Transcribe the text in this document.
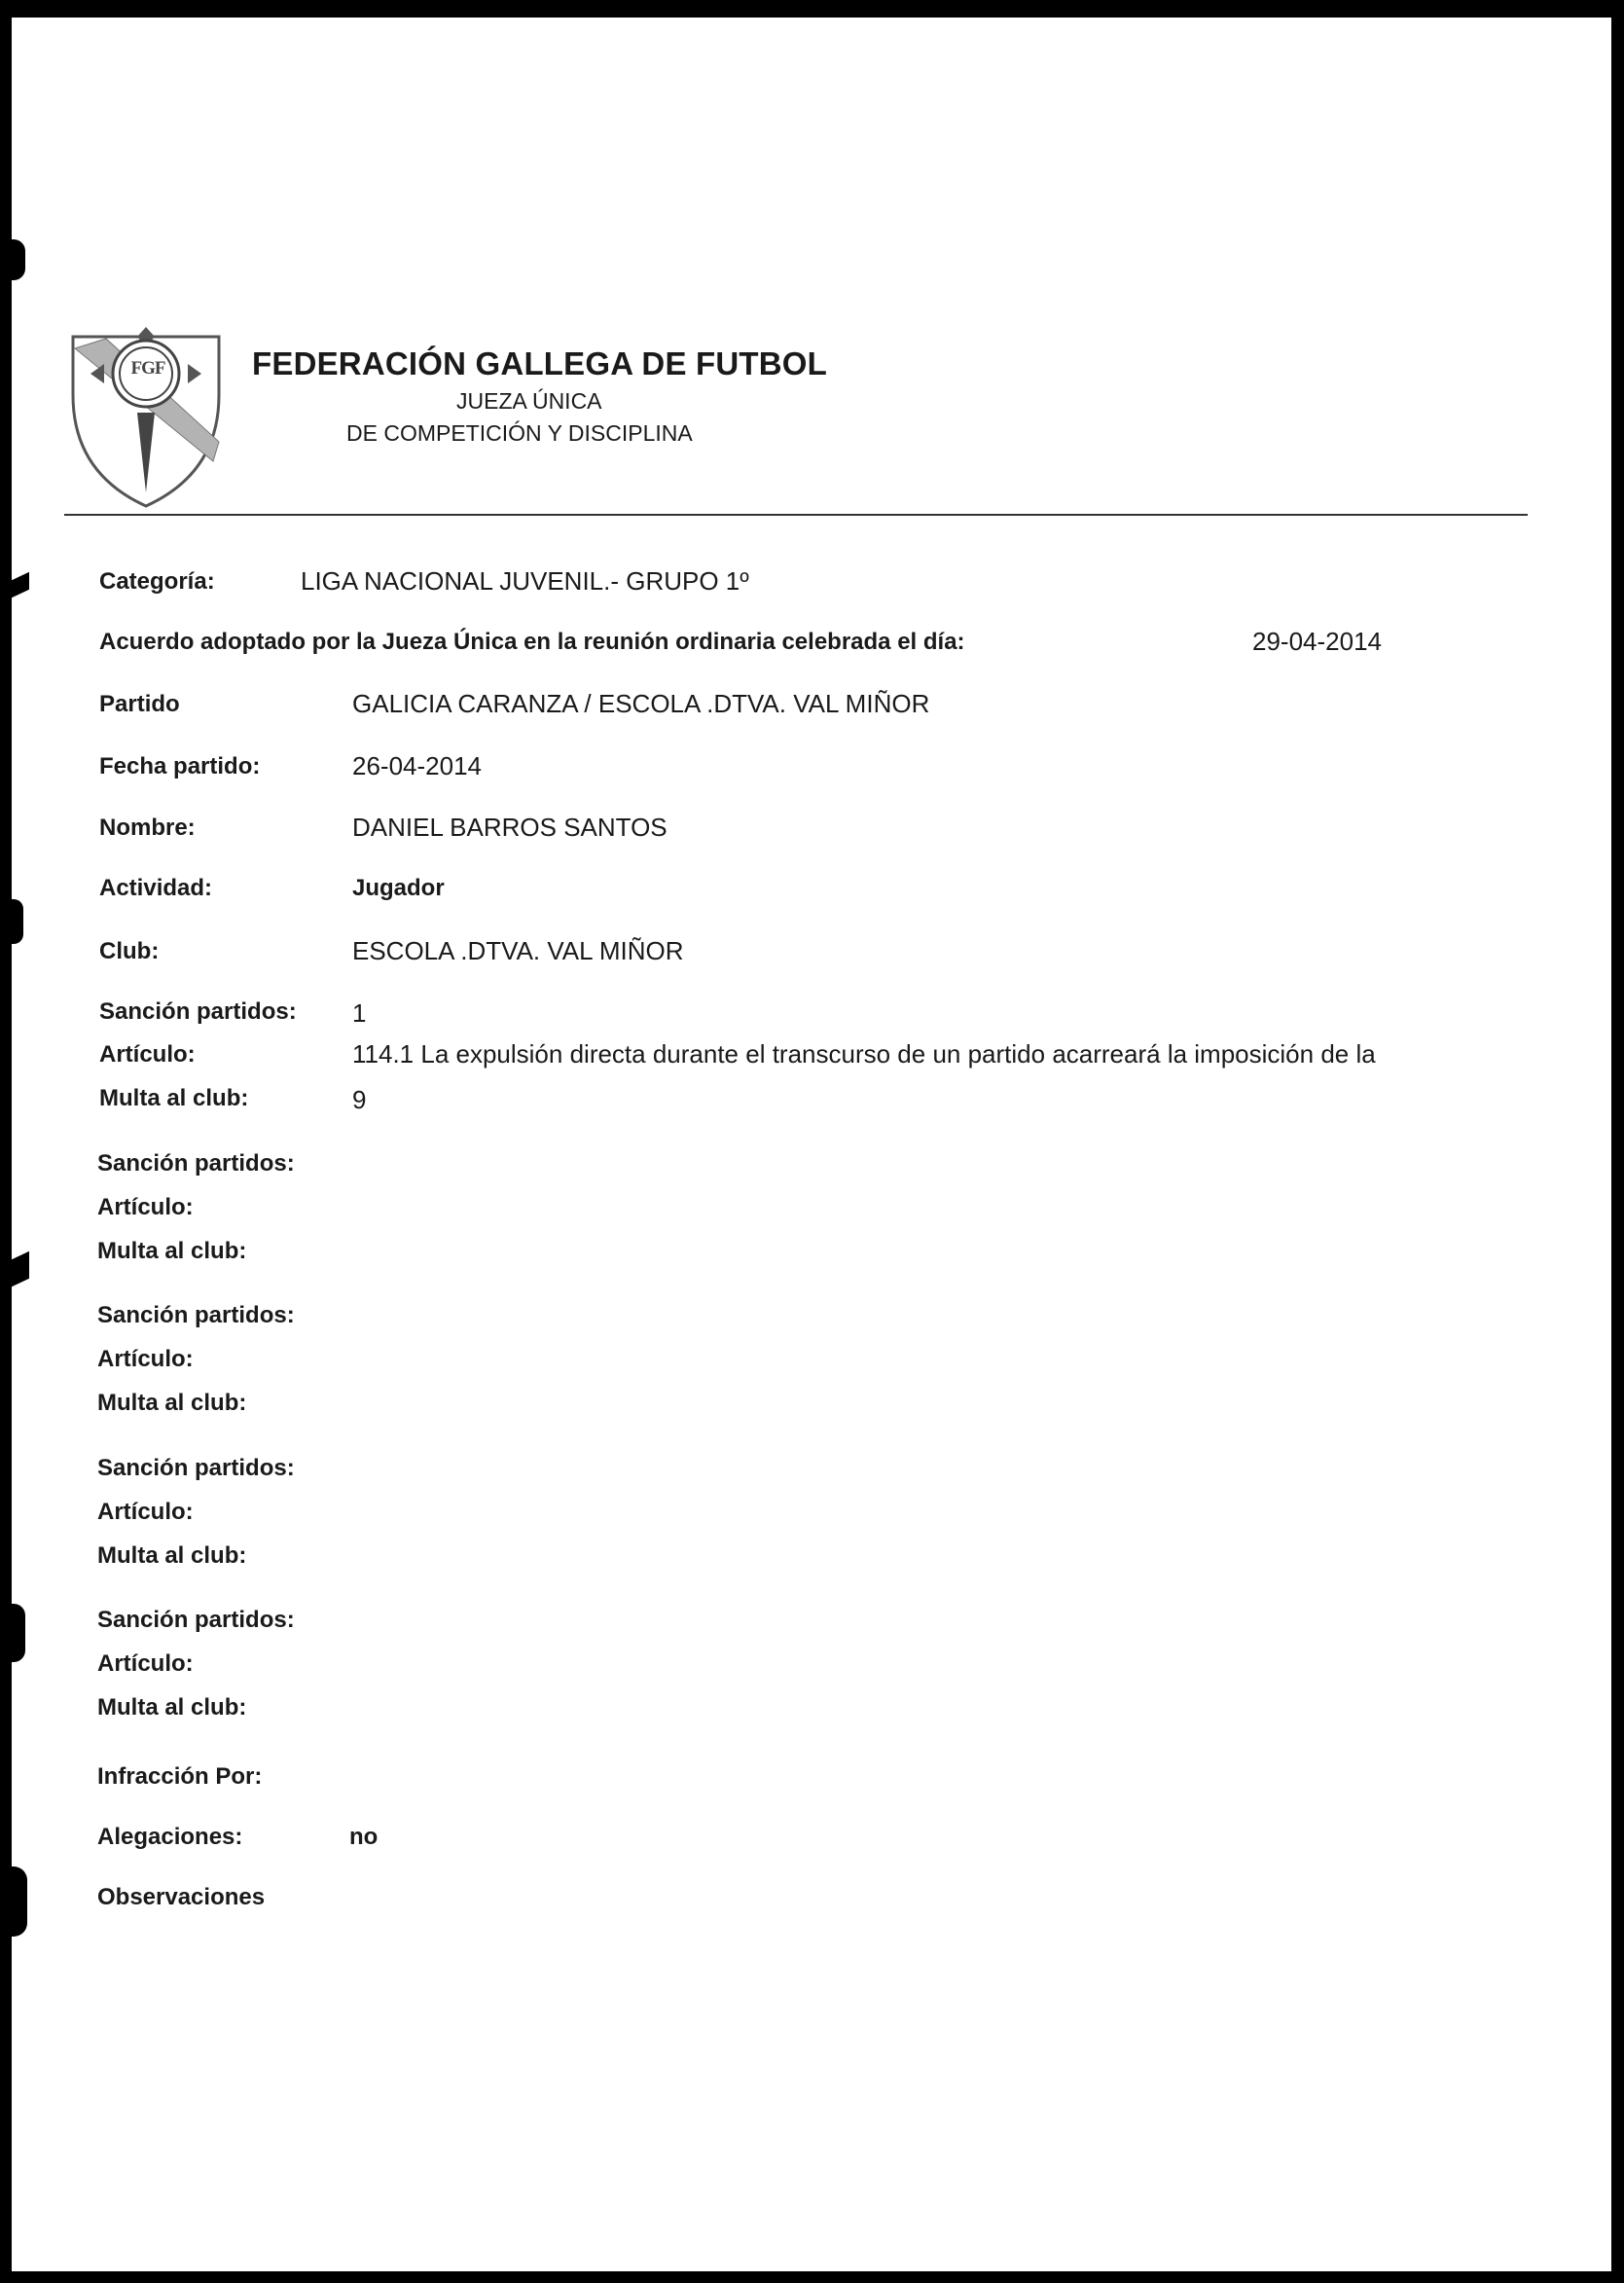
FGF	FEDERACIÓN GALLEGA DE FUTBOL
JUEZA ÚNICA
DE COMPETICIÓN Y DISCIPLINA
Categoría:	LIGA NACIONAL JUVENIL.- GRUPO 1º
Acuerdo adoptado por la Jueza Única en la reunión ordinaria celebrada el día:	29-04-2014
Partido	GALICIA CARANZA / ESCOLA .DTVA. VAL MIÑOR
Fecha partido:	26-04-2014
Nombre:	DANIEL BARROS SANTOS
Actividad:	Jugador
Club:	ESCOLA .DTVA. VAL MIÑOR
Sanción partidos: 1
Artículo:	114.1 La expulsión directa durante el transcurso de un partido acarreará la imposición de la
Multa al club:	9
Sanción partidos:
Artículo:
Multa al club:
Sanción partidos:
Artículo:
Multa al club:
Sanción partidos:
Artículo:
Multa al club:
Sanción partidos:
Artículo:
Multa al club:
Infracción Por:
Alegaciones:	no
Observaciones
